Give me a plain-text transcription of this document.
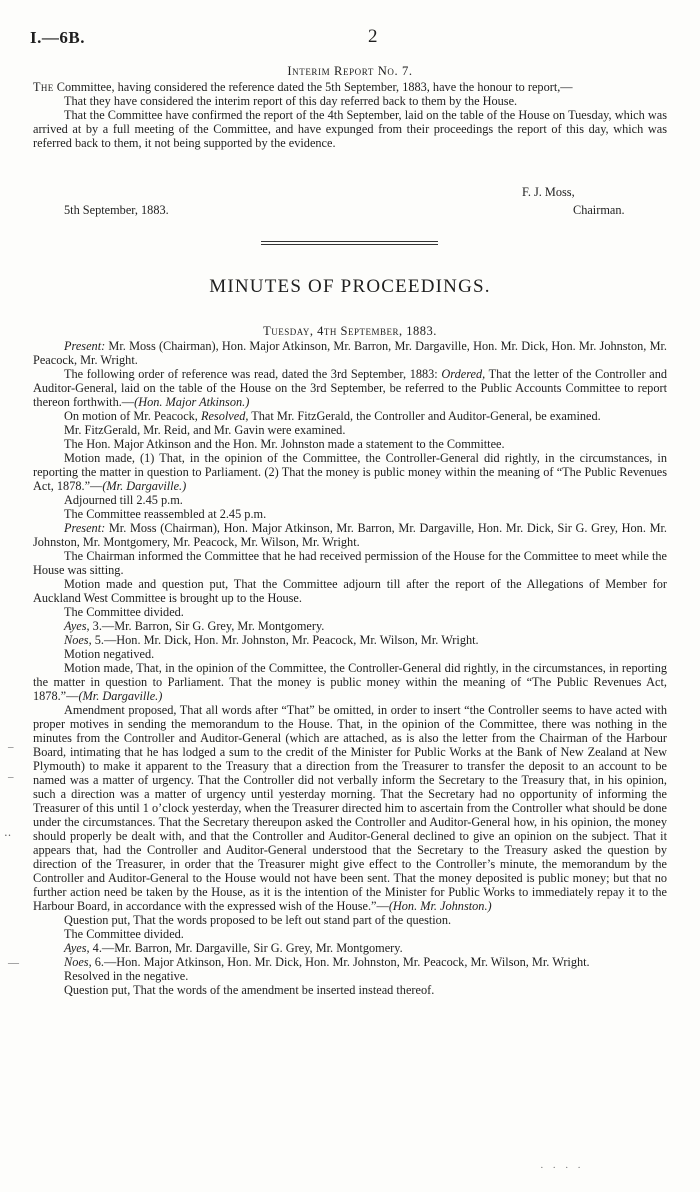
I.—6B.	2
Interim Report No. 7.

The Committee, having considered the reference dated the 5th September, 1883, have the honour to report,—

That they have considered the interim report of this day referred back to them by the House.

That the Committee have confirmed the report of the 4th September, laid on the table of the House on Tuesday, which was arrived at by a full meeting of the Committee, and have expunged from their proceedings the report of this day, which was referred back to them, it not being supported by the evidence.

F. J. Moss,
Chairman.
5th September, 1883.
MINUTES OF PROCEEDINGS.
Tuesday, 4th September, 1883.

Present: Mr. Moss (Chairman), Hon. Major Atkinson, Mr. Barron, Mr. Dargaville, Hon. Mr. Dick, Hon. Mr. Johnston, Mr. Peacock, Mr. Wright.

The following order of reference was read, dated the 3rd September, 1883: Ordered, That the letter of the Controller and Auditor-General, laid on the table of the House on the 3rd September, be referred to the Public Accounts Committee to report thereon forthwith.—(Hon. Major Atkinson.)

On motion of Mr. Peacock, Resolved, That Mr. FitzGerald, the Controller and Auditor-General, be examined.

Mr. FitzGerald, Mr. Reid, and Mr. Gavin were examined.

The Hon. Major Atkinson and the Hon. Mr. Johnston made a statement to the Committee.

Motion made, (1) That, in the opinion of the Committee, the Controller-General did rightly, in the circumstances, in reporting the matter in question to Parliament. (2) That the money is public money within the meaning of “The Public Revenues Act, 1878.”—(Mr. Dargaville.)

Adjourned till 2.45 p.m.

The Committee reassembled at 2.45 p.m.

Present: Mr. Moss (Chairman), Hon. Major Atkinson, Mr. Barron, Mr. Dargaville, Hon. Mr. Dick, Sir G. Grey, Hon. Mr. Johnston, Mr. Montgomery, Mr. Peacock, Mr. Wilson, Mr. Wright.

The Chairman informed the Committee that he had received permission of the House for the Committee to meet while the House was sitting.

Motion made and question put, That the Committee adjourn till after the report of the Allegations of Member for Auckland West Committee is brought up to the House.

The Committee divided.

Ayes, 3.—Mr. Barron, Sir G. Grey, Mr. Montgomery.

Noes, 5.—Hon. Mr. Dick, Hon. Mr. Johnston, Mr. Peacock, Mr. Wilson, Mr. Wright.

Motion negatived.

Motion made, That, in the opinion of the Committee, the Controller-General did rightly, in the circumstances, in reporting the matter in question to Parliament. That the money is public money within the meaning of “The Public Revenues Act, 1878.”—(Mr. Dargaville.)

Amendment proposed, That all words after “That” be omitted, in order to insert “the Controller seems to have acted with proper motives in sending the memorandum to the House. That, in the opinion of the Committee, there was nothing in the minutes from the Controller and Auditor-General (which are attached, as is also the letter from the Chairman of the Harbour Board, intimating that he has lodged a sum to the credit of the Minister for Public Works at the Bank of New Zealand at New Plymouth) to make it apparent to the Treasury that a direction from the Treasurer to transfer the deposit to an account to be named was a matter of urgency. That the Controller did not verbally inform the Secretary to the Treasury that, in his opinion, such a direction was a matter of urgency until yesterday morning. That the Secretary had no opportunity of informing the Treasurer of this until 1 o’clock yesterday, when the Treasurer directed him to ascertain from the Controller what should be done under the circumstances. That the Secretary thereupon asked the Controller and Auditor-General how, in his opinion, the money should properly be dealt with, and that the Controller and Auditor-General declined to give an opinion on the subject. That it appears that, had the Controller and Auditor-General understood that the Secretary to the Treasury asked the question by direction of the Treasurer, in order that the Treasurer might give effect to the Controller’s minute, the memorandum by the Controller and Auditor-General to the House would not have been sent. That the money deposited is public money; but that no further action need be taken by the House, as it is the intention of the Minister for Public Works to immediately repay it to the Harbour Board, in accordance with the expressed wish of the House.”—(Hon. Mr. Johnston.)

Question put, That the words proposed to be left out stand part of the question.

The Committee divided.

Ayes, 4.—Mr. Barron, Mr. Dargaville, Sir G. Grey, Mr. Montgomery.

Noes, 6.—Hon. Major Atkinson, Hon. Mr. Dick, Hon. Mr. Johnston, Mr. Peacock, Mr. Wilson, Mr. Wright.

Resolved in the negative.

Question put, That the words of the amendment be inserted instead thereof.

–
–
‥
—
· · · ·
